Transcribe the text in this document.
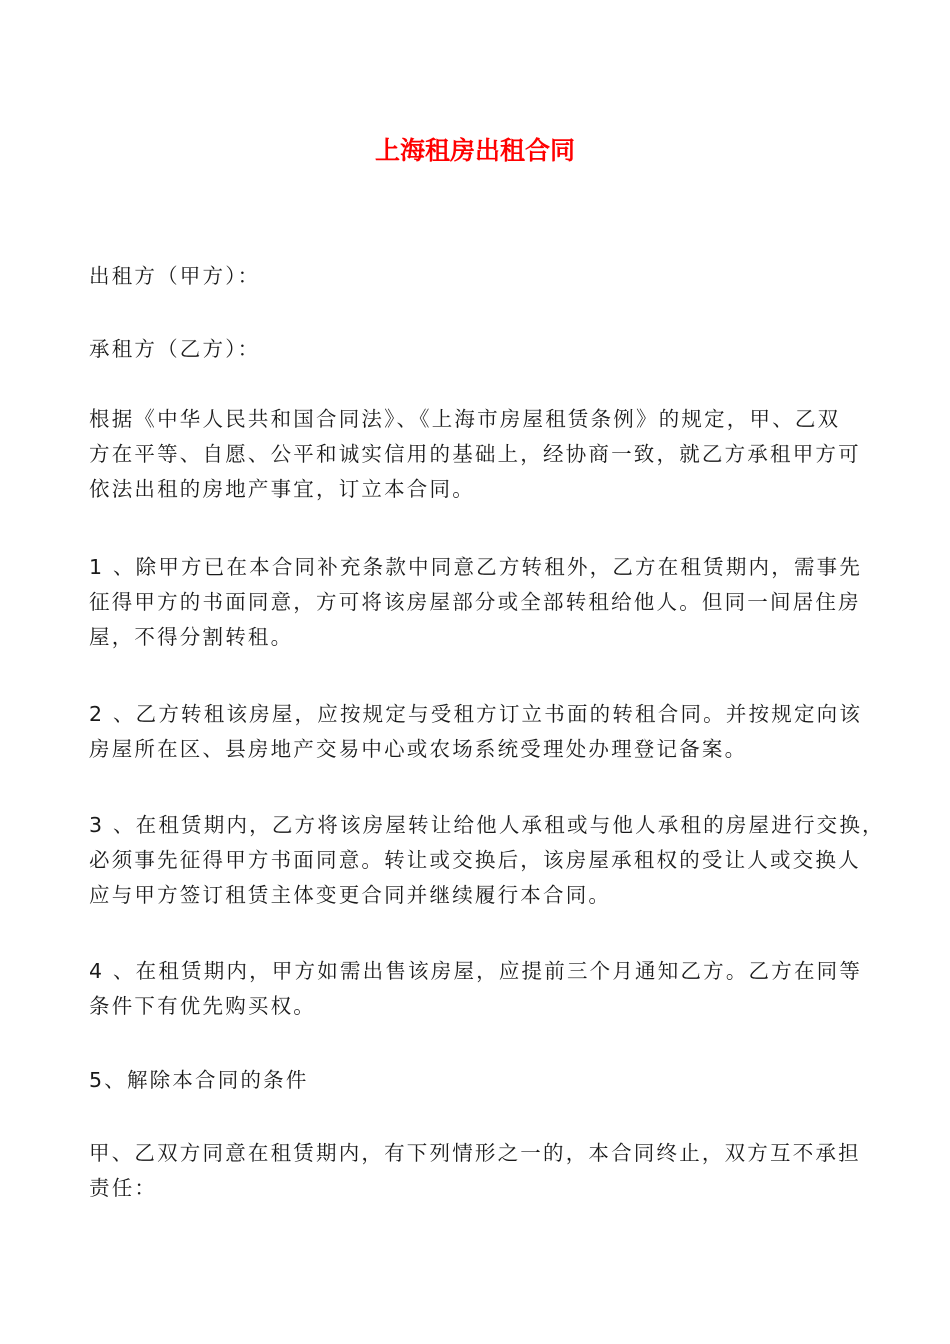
上海租房出租合同

出租方（甲方）：

承租方（乙方）：

根据《中华人民共和国合同法》、《上海市房屋租赁条例》的规定，甲、乙双
方在平等、自愿、公平和诚实信用的基础上，经协商一致，就乙方承租甲方可
依法出租的房地产事宜，订立本合同。

1 、除甲方已在本合同补充条款中同意乙方转租外，乙方在租赁期内，需事先
征得甲方的书面同意，方可将该房屋部分或全部转租给他人。但同一间居住房
屋，不得分割转租。

2 、乙方转租该房屋，应按规定与受租方订立书面的转租合同。并按规定向该
房屋所在区、县房地产交易中心或农场系统受理处办理登记备案。

3 、在租赁期内，乙方将该房屋转让给他人承租或与他人承租的房屋进行交换，
必须事先征得甲方书面同意。转让或交换后，该房屋承租权的受让人或交换人
应与甲方签订租赁主体变更合同并继续履行本合同。

4 、在租赁期内，甲方如需出售该房屋，应提前三个月通知乙方。乙方在同等
条件下有优先购买权。

5、解除本合同的条件

甲、乙双方同意在租赁期内，有下列情形之一的，本合同终止，双方互不承担
责任：
